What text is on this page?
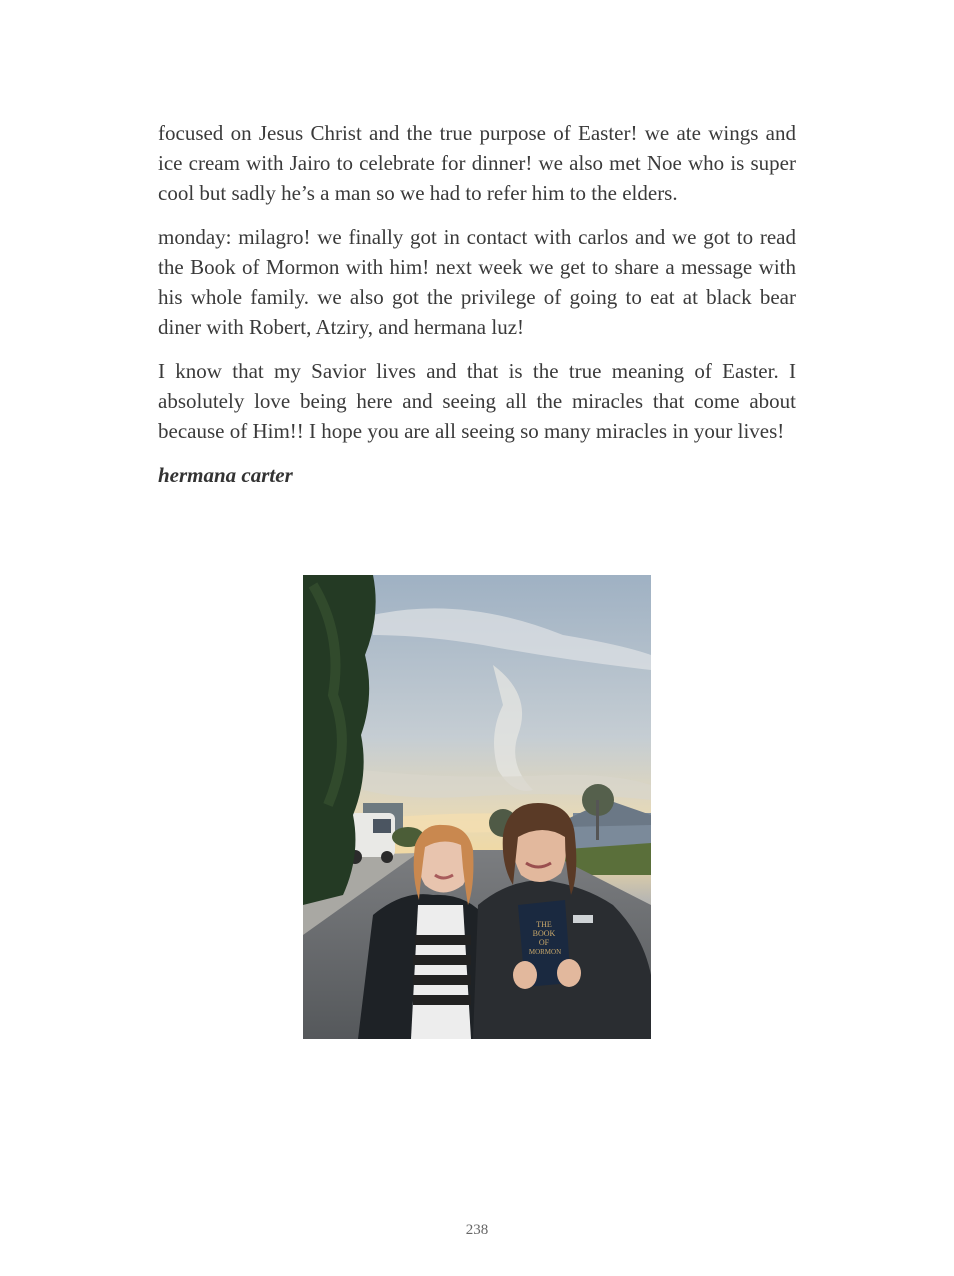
focused on Jesus Christ and the true purpose of Easter! we ate wings and ice cream with Jairo to celebrate for dinner! we also met Noe who is super cool but sadly he’s a man so we had to refer him to the elders.

monday: milagro! we finally got in contact with carlos and we got to read the Book of Mormon with him! next week we get to share a message with his whole family. we also got the privilege of going to eat at black bear diner with Robert, Atziry, and hermana luz!

I know that my Savior lives and that is the true meaning of Easter. I absolutely love being here and seeing all the miracles that come about because of Him!! I hope you are all seeing so many miracles in your lives!

hermana carter

THE
BOOK
OF
MORMON
238
